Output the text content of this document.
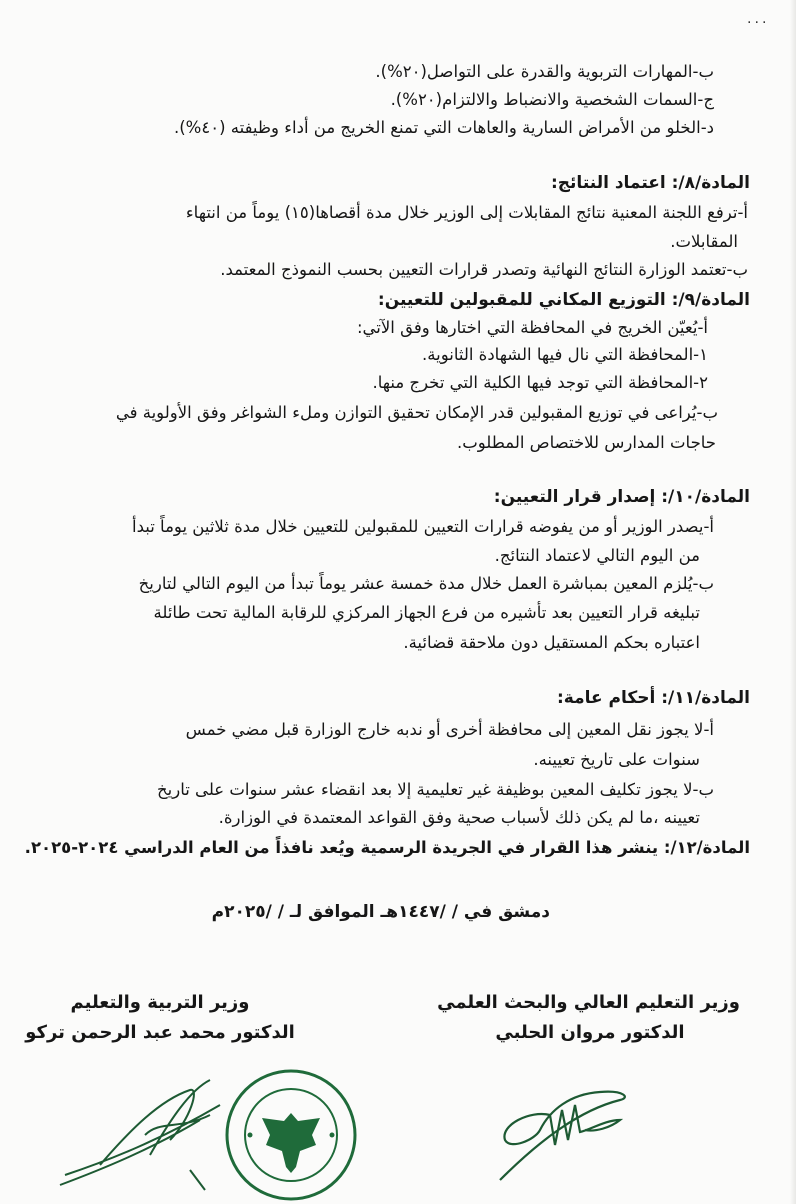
٠٠٠
ب-المهارات التربوية والقدرة على التواصل(٢٠%).
ج-السمات الشخصية والانضباط والالتزام(٢٠%).
د-الخلو من الأمراض السارية والعاهات التي تمنع الخريج من أداء وظيفته (٤٠%).
المادة/٨/: اعتماد النتائج:
أ-ترفع اللجنة المعنية نتائج المقابلات إلى الوزير خلال مدة أقصاها(١٥) يوماً من انتهاء
المقابلات.
ب-تعتمد الوزارة النتائج النهائية وتصدر قرارات التعيين بحسب النموذج المعتمد.
المادة/٩/: التوزيع المكاني للمقبولين للتعيين:
أ-يُعيّن الخريج في المحافظة التي اختارها وفق الآتي:
١-المحافظة التي نال فيها الشهادة الثانوية.
٢-المحافظة التي توجد فيها الكلية التي تخرج منها.
ب-يُراعى في توزيع المقبولين قدر الإمكان تحقيق التوازن وملء الشواغر وفق الأولوية في
حاجات المدارس للاختصاص المطلوب.
المادة/١٠/: إصدار قرار التعيين:
أ-يصدر الوزير أو من يفوضه قرارات التعيين للمقبولين للتعيين خلال مدة ثلاثين يوماً تبدأ
من اليوم التالي لاعتماد النتائج.
ب-يُلزم المعين بمباشرة العمل خلال مدة خمسة عشر يوماً تبدأ من اليوم التالي لتاريخ
تبليغه قرار التعيين بعد تأشيره من فرع الجهاز المركزي للرقابة المالية تحت طائلة
اعتباره بحكم المستقيل دون ملاحقة قضائية.
المادة/١١/: أحكام عامة:
أ-لا يجوز نقل المعين إلى محافظة أخرى أو ندبه خارج الوزارة قبل مضي خمس
سنوات على تاريخ تعيينه.
ب-لا يجوز تكليف المعين بوظيفة غير تعليمية إلا بعد انقضاء عشر سنوات على تاريخ
تعيينه ،ما لم يكن ذلك لأسباب صحية وفق القواعد المعتمدة في الوزارة.
المادة/١٢/: ينشر هذا القرار في الجريدة الرسمية ويُعد نافذاً من العام الدراسي ٢٠٢٤-٢٠٢٥.
دمشق في / /١٤٤٧هـ الموافق لـ / /٢٠٢٥م
وزير التعليم العالي والبحث العلمي
الدكتور مروان الحلبي
وزير التربية والتعليم
الدكتور محمد عبد الرحمن تركو
